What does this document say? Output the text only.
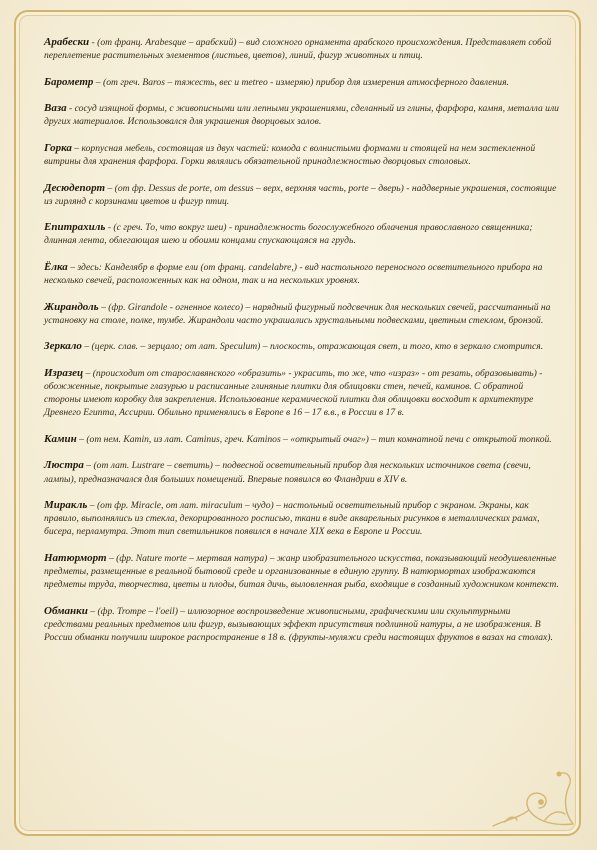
Арабески - (от франц. Arabesque – арабский) – вид сложного орнамента арабского происхождения. Представляет собой переплетение растительных элементов (листьев, цветов), линий, фигур животных и птиц.

Барометр – (от греч. Baros – тяжесть, вес и metreo - измеряю) прибор для измерения атмосферного давления.

Ваза - сосуд изящной формы, с живописными или лепными украшениями, сделанный из глины, фарфора, камня, металла или других материалов. Использовался для украшения дворцовых залов.

Горка – корпусная мебель, состоящая из двух частей: комода с волнистыми формами и стоящей на нем застекленной витрины для хранения фарфора. Горки являлись обязательной принадлежностью дворцовых столовых.

Десюдепорт – (от фр. Dessus de porte, от dessus – верх, верхняя часть, porte – дверь) - наддверные украшения, состоящие из гирлянд с корзинами цветов и фигур птиц.

Епитрахиль - (с греч. То, что вокруг шеи) - принадлежность богослужебного облачения православного священника; длинная лента, облегающая шею и обоими концами спускающаяся на грудь.

Ёлка – здесь: Канделябр в форме ели (от франц. candelabre,) - вид настольного переносного осветительного прибора на несколько свечей, расположенных как на одном, так и на нескольких уровнях.

Жирандоль – (фр. Girandole - огненное колесо) – нарядный фигурный подсвечник для нескольких свечей, рассчитанный на установку на столе, полке, тумбе. Жирандоли часто украшались хрустальными подвесками, цветным стеклом, бронзой.

Зеркало – (церк. слав. – зерцало; от лат. Speculum) – плоскость, отражающая свет, и того, кто в зеркало смотрится.

Изразец – (происходит от старославянского «образить» - украсить, то же, что «израз» - от резать, образовывать) - обожженные, покрытые глазурью и расписанные глиняные плитки для облицовки стен, печей, каминов. С обратной стороны имеют коробку для закрепления. Использование керамической плитки для облицовки восходит к архитектуре Древнего Египта, Ассирии. Обильно применялись в Европе в 16 – 17 в.в., в России в 17 в.

Камин – (от нем. Kamin, из лат. Caminus, греч. Kaminos – «открытый очаг») – тип комнатной печи с открытой топкой.

Люстра – (от лат. Lustrare – светить) – подвесной осветительный прибор для нескольких источников света (свечи, лампы), предназначался для больших помещений. Впервые появился во Фландрии в XIV в.

Миракль – (от фр. Miracle, от лат. miraculum – чудо) – настольный осветительный прибор с экраном. Экраны, как правило, выполнялись из стекла, декорированного росписью, ткани в виде акварельных рисунков в металлических рамах, бисера, перламутра. Этот тип светильников появился в начале XIX века в Европе и России.

Натюрморт – (фр. Nature morte – мертвая натура) – жанр изобразительного искусства, показывающий неодушевленные предметы, размещенные в реальной бытовой среде и организованные в единую группу. В натюрмортах изображаются предметы труда, творчества, цветы и плоды, битая дичь, выловленная рыба, входящие в созданный художником контекст.

Обманки – (фр. Trompe – l'oeil) – иллюзорное воспроизведение живописными, графическими или скульптурными средствами реальных предметов или фигур, вызывающих эффект присутствия подлинной натуры, а не изображения. В России обманки получили широкое распространение в 18 в. (фрукты-муляжи среди настоящих фруктов в вазах на столах).
